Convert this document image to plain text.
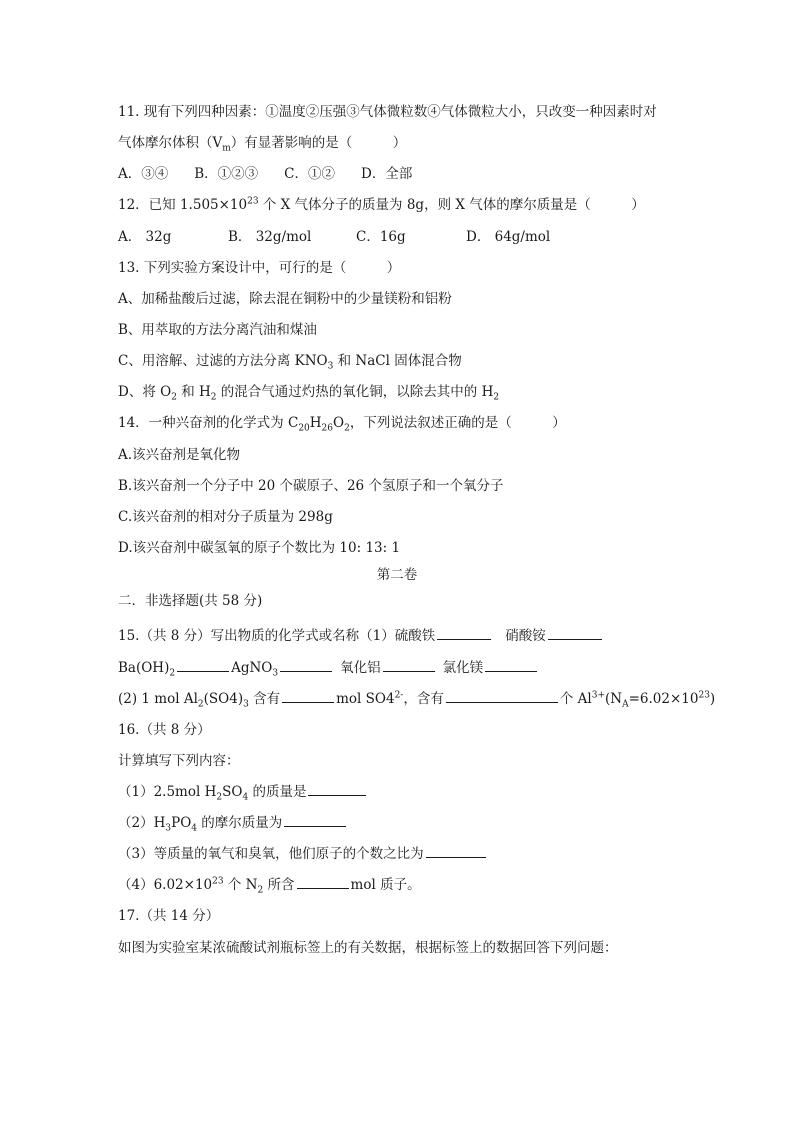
11. 现有下列四种因素：①温度②压强③气体微粒数④气体微粒大小，只改变一种因素时对
气体摩尔体积$(V_m)$有显著影响的是（　　　）
A．③④ B．①②③ C．①② D．全部
12．已知 $1.505\times 10^{23}$ 个 X 气体分子的质量为 8g，则 X 气体的摩尔质量是（　　　）
A． 32g	B． 32g/mol	C．16g	D． 64g/mol
13. 下列实验方案设计中，可行的是（　　　）
A、加稀盐酸后过滤，除去混在铜粉中的少量镁粉和铝粉
B、用萃取的方法分离汽油和煤油
C、用溶解、过滤的方法分离 $KNO_3$ 和 NaCl 固体混合物
D、将 $O_2$ 和 $H_2$ 的混合气通过灼热的氧化铜，以除去其中的 $H_2$
14．一种兴奋剂的化学式为 $C_{20}H_{26}O_2$，下列说法叙述正确的是（　　　）
A.该兴奋剂是氧化物
B.该兴奋剂一个分子中 20 个碳原子、26 个氢原子和一个氧分子
C.该兴奋剂的相对分子质量为 298g
D.该兴奋剂中碳氢氧的原子个数比为 10: 13: 1
第二卷
二．非选择题(共 58 分)
15.（共 8 分）写出物质的化学式或名称（1）硫酸铁	硝酸铵
$Ba(OH)_2$	AgNO$_3$	氧化铝	氯化镁
(2) 1 mol $Al_2(SO4)_3$ 含有	mol $SO4^{2-}$，含有	个 $Al^{3+}(N_A=6.02\times 10^{23})$
16.（共 8 分）
计算填写下列内容：
（1）2.5mol $H_2SO_4$ 的质量是
$(2)H_3PO_4$ 的摩尔质量为
（3）等质量的氧气和臭氧，他们原子的个数之比为
$(4)6.02\times 10^{23}$ 个 $N_2$ 所含	mol 质子。
17.（共 14 分）
如图为实验室某浓硫酸试剂瓶标签上的有关数据，根据标签上的数据回答下列问题：
